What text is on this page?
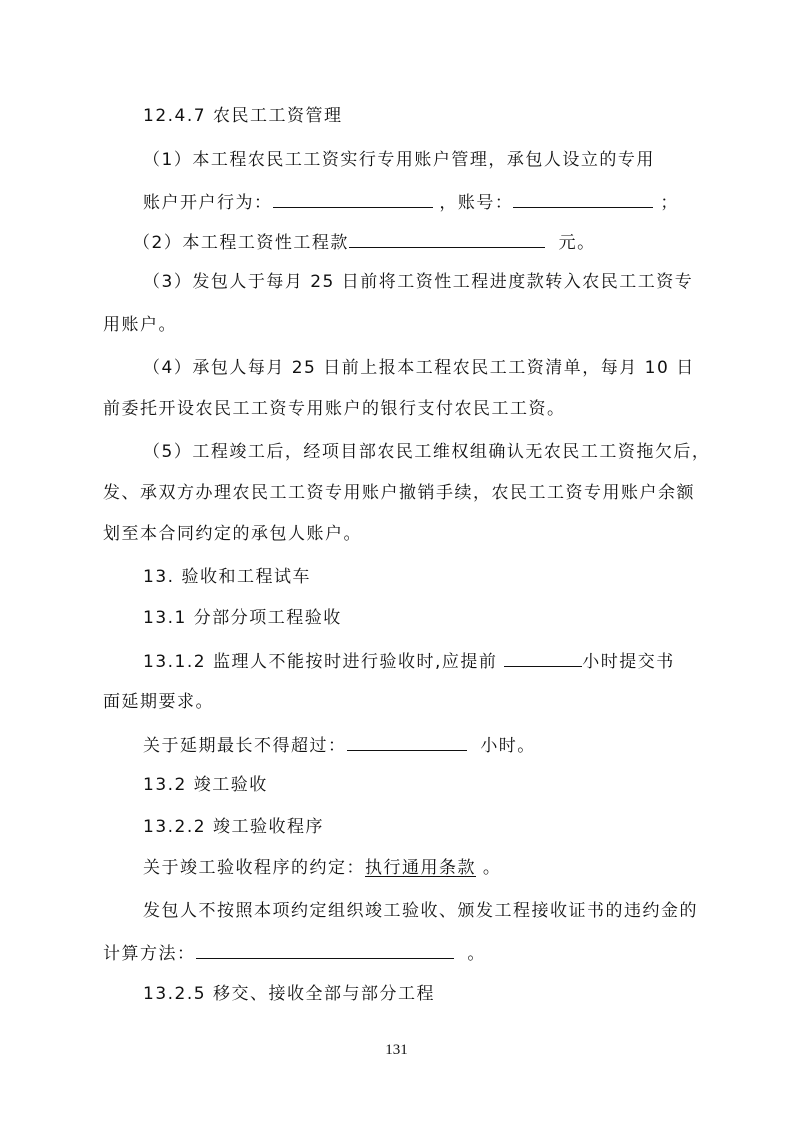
12.4.7 农民工工资管理
（1）本工程农民工工资实行专用账户管理，承包人设立的专用
账户开户行为：	，账号：	；
（2）本工程工资性工程款	元。
（3）发包人于每月 25 日前将工资性工程进度款转入农民工工资专
用账户。
（4）承包人每月 25 日前上报本工程农民工工资清单，每月 10 日
前委托开设农民工工资专用账户的银行支付农民工工资。
（5）工程竣工后，经项目部农民工维权组确认无农民工工资拖欠后，
发、承双方办理农民工工资专用账户撤销手续，农民工工资专用账户余额
划至本合同约定的承包人账户。
13. 验收和工程试车
13.1 分部分项工程验收
13.1.2 监理人不能按时进行验收时,应提前	小时提交书
面延期要求。
关于延期最长不得超过：	小时。
13.2 竣工验收
13.2.2 竣工验收程序
关于竣工验收程序的约定：执行通用条款 。
发包人不按照本项约定组织竣工验收、颁发工程接收证书的违约金的
计算方法：	。
13.2.5 移交、接收全部与部分工程
131
